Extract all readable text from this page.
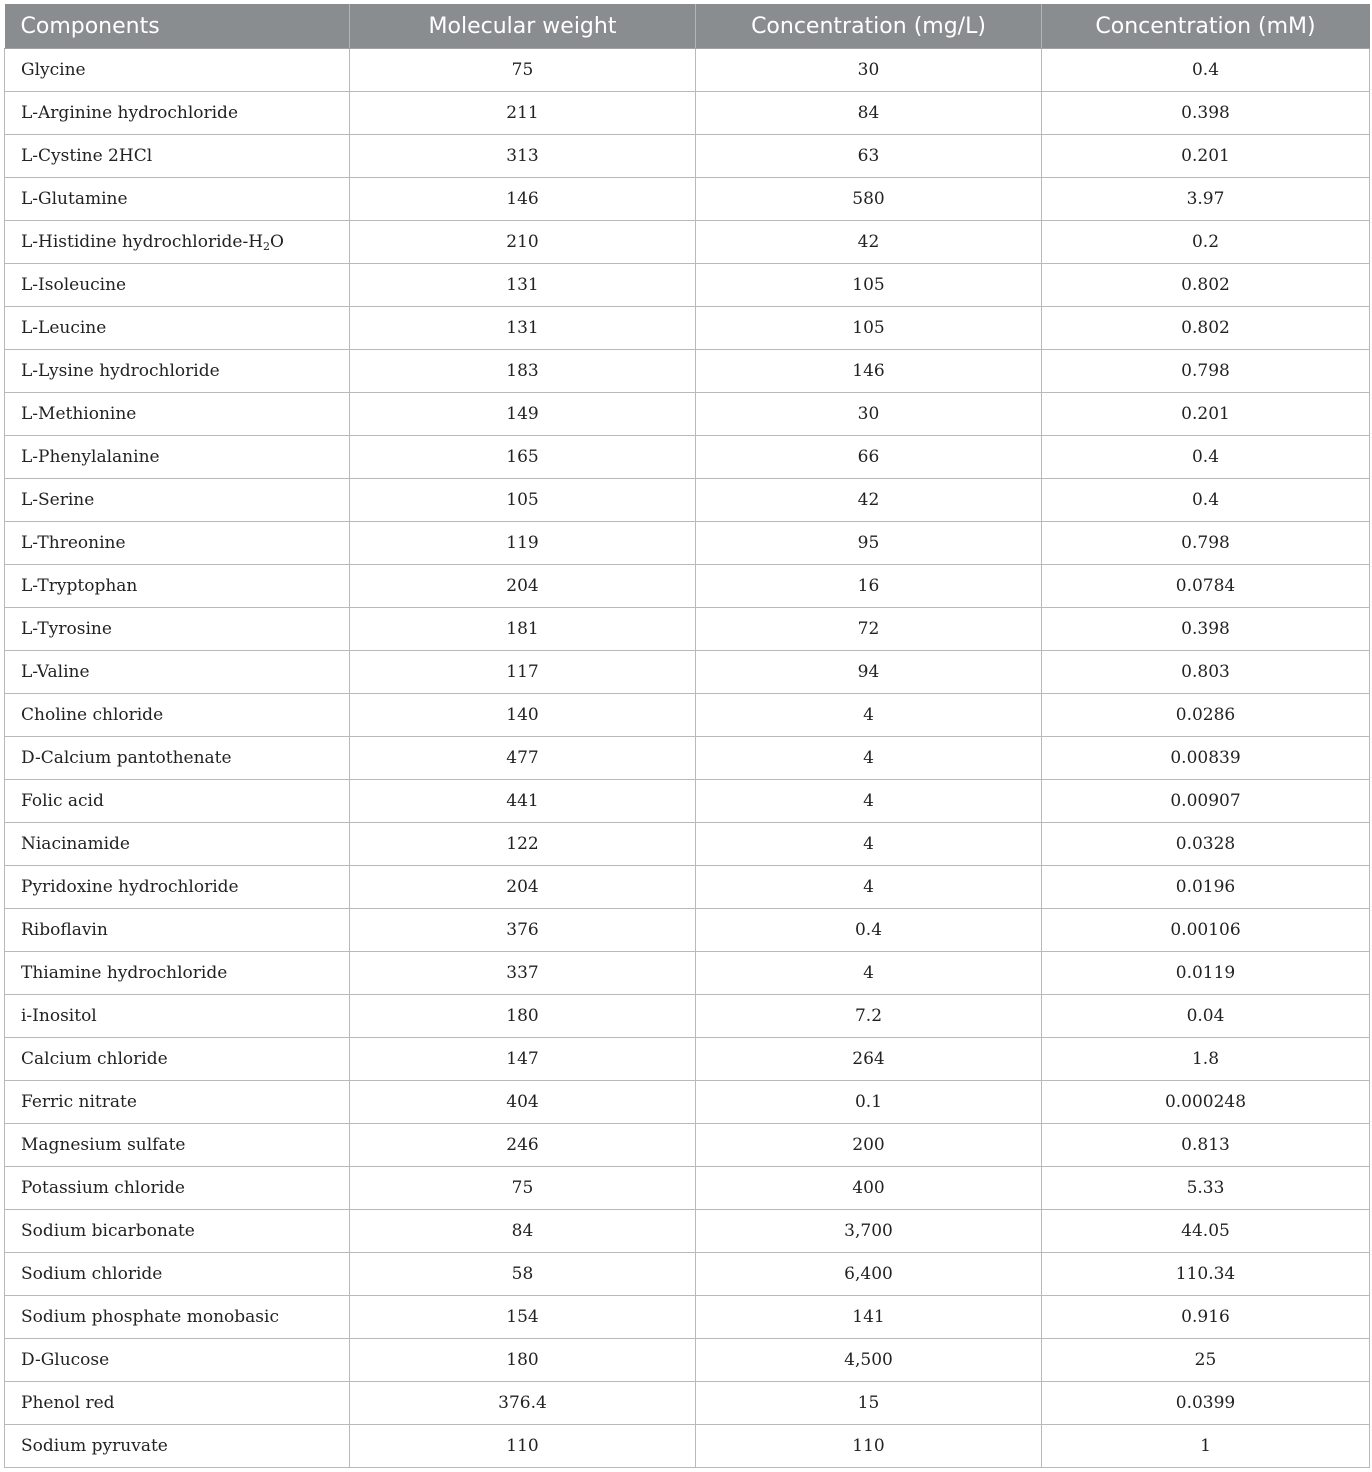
Components	Molecular weight	Concentration (mg/L)	Concentration (mM)
Glycine	75	30	0.4
L-Arginine hydrochloride	211	84	0.398
L-Cystine 2HCl	313	63	0.201
L-Glutamine	146	580	3.97
L-Histidine hydrochloride-$H_2O$	210	42	0.2
L-Isoleucine	131	105	0.802
L-Leucine	131	105	0.802
L-Lysine hydrochloride	183	146	0.798
L-Methionine	149	30	0.201
L-Phenylalanine	165	66	0.4
L-Serine	105	42	0.4
L-Threonine	119	95	0.798
L-Tryptophan	204	16	0.0784
L-Tyrosine	181	72	0.398
L-Valine	117	94	0.803
Choline chloride	140	4	0.0286
D-Calcium pantothenate	477	4	0.00839
Folic acid	441	4	0.00907
Niacinamide	122	4	0.0328
Pyridoxine hydrochloride	204	4	0.0196
Riboflavin	376	0.4	0.00106
Thiamine hydrochloride	337	4	0.0119
i-Inositol	180	7.2	0.04
Calcium chloride	147	264	1.8
Ferric nitrate	404	0.1	0.000248
Magnesium sulfate	246	200	0.813
Potassium chloride	75	400	5.33
Sodium bicarbonate	84	3,700	44.05
Sodium chloride	58	6,400	110.34
Sodium phosphate monobasic	154	141	0.916
D-Glucose	180	4,500	25
Phenol red	376.4	15	0.0399
Sodium pyruvate	110	110	1
